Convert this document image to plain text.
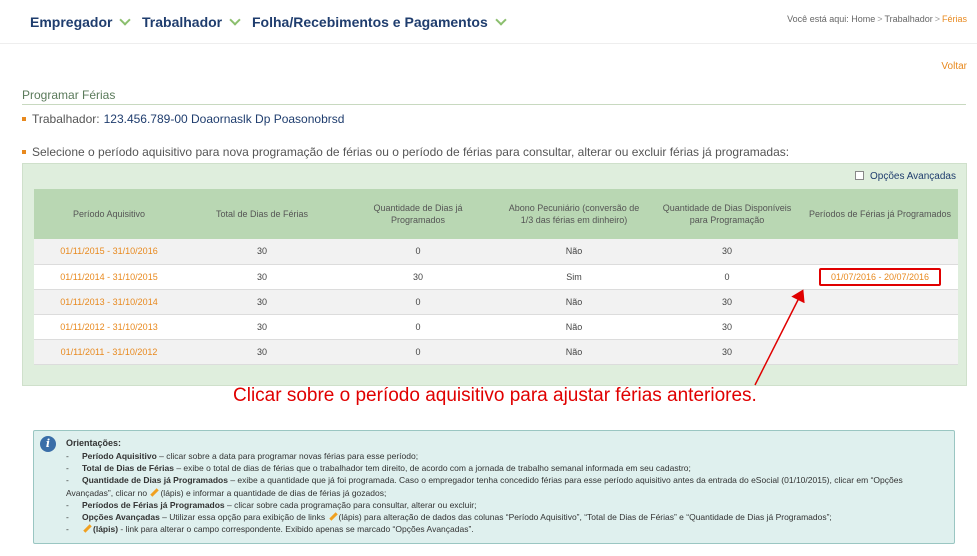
Empregador	Trabalhador	Folha/Recebimentos e Pagamentos	Você está aqui: Home > Trabalhador > Férias
Voltar
Programar Férias
Trabalhador: 123.456.789-00 Doaornaslk Dp Poasonobrsd
Selecione o período aquisitivo para nova programação de férias ou o período de férias para consultar, alterar ou excluir férias já programadas:
Opções Avançadas
Período Aquisitivo	Total de Dias de Férias	Quantidade de Dias já Programados	Abono Pecuniário (conversão de 1/3 das férias em dinheiro)	Quantidade de Dias Disponíveis para Programação	Períodos de Férias já Programados
01/11/2015 - 31/10/2016	30	0	Não	30	
01/11/2014 - 31/10/2015	30	30	Sim	0	01/07/2016 - 20/07/2016
01/11/2013 - 31/10/2014	30	0	Não	30	
01/11/2012 - 31/10/2013	30	0	Não	30	
01/11/2011 - 31/10/2012	30	0	Não	30	
Clicar sobre o período aquisitivo para ajustar férias anteriores.
i	Orientações:
- Período Aquisitivo – clicar sobre a data para programar novas férias para esse período;
- Total de Dias de Férias – exibe o total de dias de férias que o trabalhador tem direito, de acordo com a jornada de trabalho semanal informada em seu cadastro;
- Quantidade de Dias já Programados – exibe a quantidade que já foi programada. Caso o empregador tenha concedido férias para esse período aquisitivo antes da entrada do eSocial (01/10/2015), clicar em “Opções Avançadas”, clicar no (lápis) e informar a quantidade de dias de férias já gozados;
- Períodos de Férias já Programados – clicar sobre cada programação para consultar, alterar ou excluir;
- Opções Avançadas – Utilizar essa opção para exibição de links (lápis) para alteração de dados das colunas “Período Aquisitivo”, “Total de Dias de Férias” e “Quantidade de Dias já Programados”;
-	(lápis) - link para alterar o campo correspondente. Exibido apenas se marcado “Opções Avançadas”.
